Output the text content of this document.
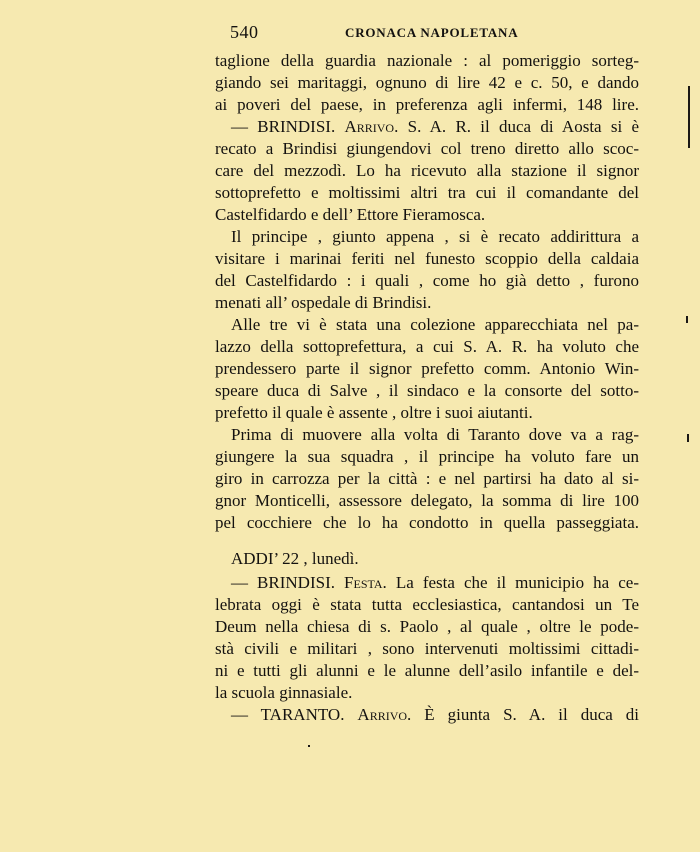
540	CRONACA NAPOLETANA
taglione della guardia nazionale : al pomeriggio sorteg-
giando sei maritaggi, ognuno di lire 42 e c. 50, e dando
ai poveri del paese, in preferenza agli infermi, 148 lire.
— BRINDISI. Arrivo. S. A. R. il duca di Aosta si è
recato a Brindisi giungendovi col treno diretto allo scoc-
care del mezzodì. Lo ha ricevuto alla stazione il signor
sottoprefetto e moltissimi altri tra cui il comandante del
Castelfidardo e dell’ Ettore Fieramosca.
Il principe , giunto appena , si è recato addirittura a
visitare i marinai feriti nel funesto scoppio della caldaia
del Castelfidardo : i quali , come ho già detto , furono
menati all’ ospedale di Brindisi.
Alle tre vi è stata una colezione apparecchiata nel pa-
lazzo della sottoprefettura, a cui S. A. R. ha voluto che
prendessero parte il signor prefetto comm. Antonio Win-
speare duca di Salve , il sindaco e la consorte del sotto-
prefetto il quale è assente , oltre i suoi aiutanti.
Prima di muovere alla volta di Taranto dove va a rag-
giungere la sua squadra , il principe ha voluto fare un
giro in carrozza per la città : e nel partirsi ha dato al si-
gnor Monticelli, assessore delegato, la somma di lire 100
pel cocchiere che lo ha condotto in quella passeggiata.
ADDI’ 22 , lunedì.
— BRINDISI. Festa. La festa che il municipio ha ce-
lebrata oggi è stata tutta ecclesiastica, cantandosi un Te
Deum nella chiesa di s. Paolo , al quale , oltre le pode-
stà civili e militari , sono intervenuti moltissimi cittadi-
ni e tutti gli alunni e le alunne dell’asilo infantile e del-
la scuola ginnasiale.
— TARANTO. Arrivo. È giunta S. A. il duca di
